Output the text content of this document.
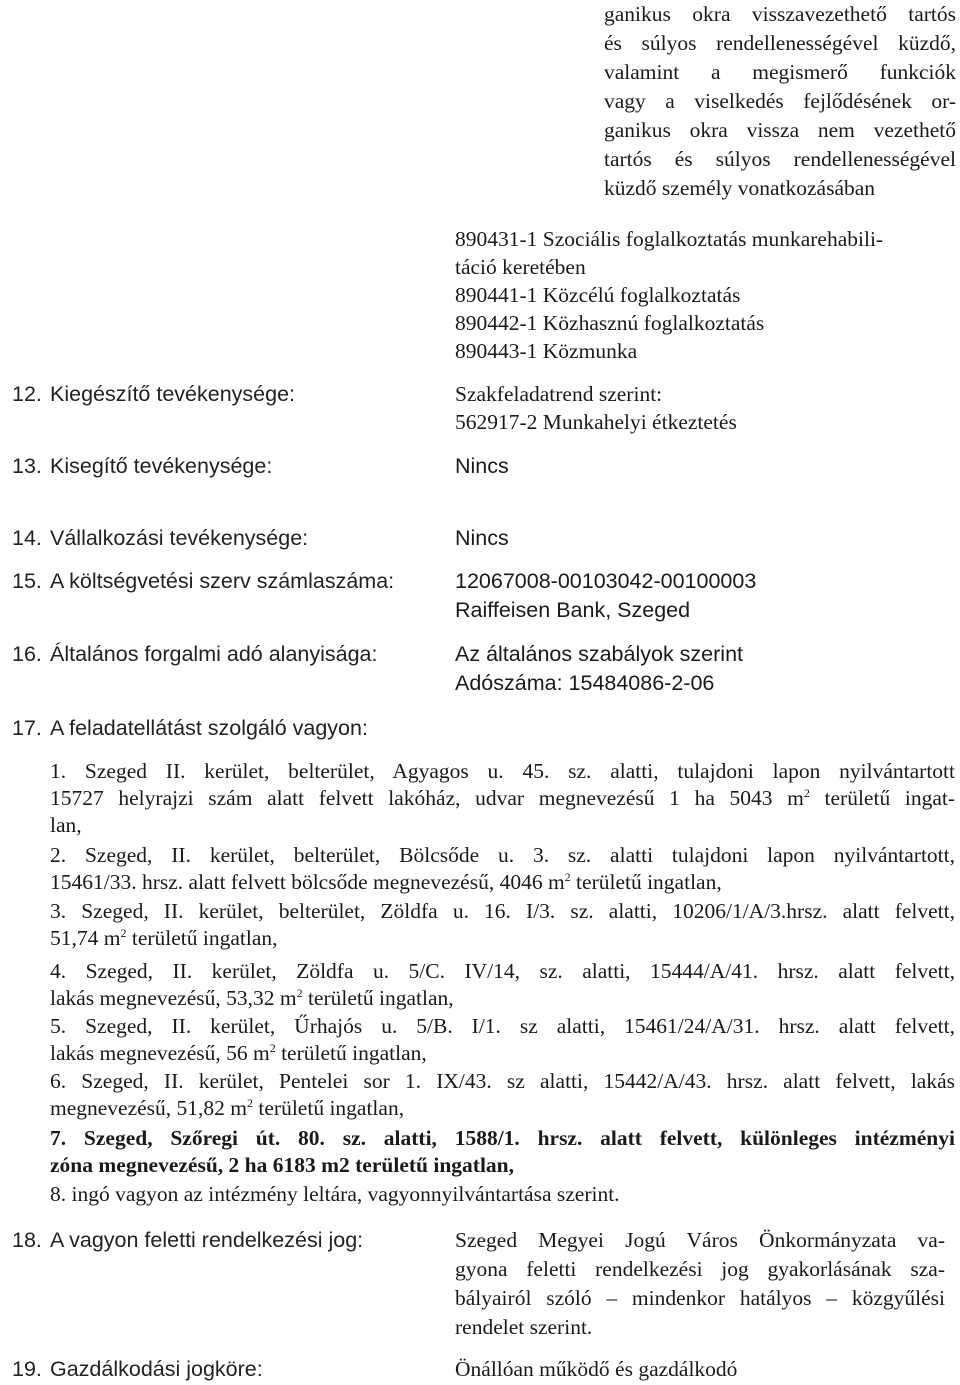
ganikus okra visszavezethető tartós
és súlyos rendellenességével küzdő,
valamint a megismerő funkciók
vagy a viselkedés fejlődésének or-
ganikus okra vissza nem vezethető
tartós és súlyos rendellenességével
küzdő személy vonatkozásában
890431-1 Szociális foglalkoztatás munkarehabili-
táció keretében
890441-1 Közcélú foglalkoztatás
890442-1 Közhasznú foglalkoztatás
890443-1 Közmunka
12. Kiegészítő tevékenysége:	Szakfeladatrend szerint:
562917-2 Munkahelyi étkeztetés
13. Kisegítő tevékenysége:	Nincs
14. Vállalkozási tevékenysége:	Nincs
15. A költségvetési szerv számlaszáma:	12067008-00103042-00100003
Raiffeisen Bank, Szeged
16. Általános forgalmi adó alanyisága:	Az általános szabályok szerint
Adószáma: 15484086-2-06
17. A feladatellátást szolgáló vagyon:
1. Szeged II. kerület, belterület, Agyagos u. 45. sz. alatti, tulajdoni lapon nyilvántartott
15727 helyrajzi szám alatt felvett lakóház, udvar megnevezésű 1 ha 5043 $m^2$ területű ingat-
lan,
2. Szeged, II. kerület, belterület, Bölcsőde u. 3. sz. alatti tulajdoni lapon nyilvántartott,
15461/33. hrsz. alatt felvett bölcsőde megnevezésű, 4046 $m^2$ területű ingatlan,
3. Szeged, II. kerület, belterület, Zöldfa u. 16. I/3. sz. alatti, 10206/1/A/3.hrsz. alatt felvett,
51,74 $m^2$ területű ingatlan,
4. Szeged, II. kerület, Zöldfa u. 5/C. IV/14, sz. alatti, 15444/A/41. hrsz. alatt felvett,
lakás megnevezésű, 53,32 $m^2$ területű ingatlan,
5. Szeged, II. kerület, Űrhajós u. 5/B. I/1. sz alatti, 15461/24/A/31. hrsz. alatt felvett,
lakás megnevezésű, 56 $m^2$ területű ingatlan,
6. Szeged, II. kerület, Pentelei sor 1. IX/43. sz alatti, 15442/A/43. hrsz. alatt felvett, lakás
megnevezésű, 51,82 $m^2$ területű ingatlan,
7. Szeged, Szőregi út. 80. sz. alatti, 1588/1. hrsz. alatt felvett, különleges intézményi
zóna megnevezésű, 2 ha 6183 m2 területű ingatlan,
8. ingó vagyon az intézmény leltára, vagyonnyilvántartása szerint.
18. A vagyon feletti rendelkezési jog:	Szeged Megyei Jogú Város Önkormányzata va-
gyona feletti rendelkezési jog gyakorlásának sza-
bályairól szóló – mindenkor hatályos – közgyűlési
rendelet szerint.
19. Gazdálkodási jogköre:	Önállóan működő és gazdálkodó
